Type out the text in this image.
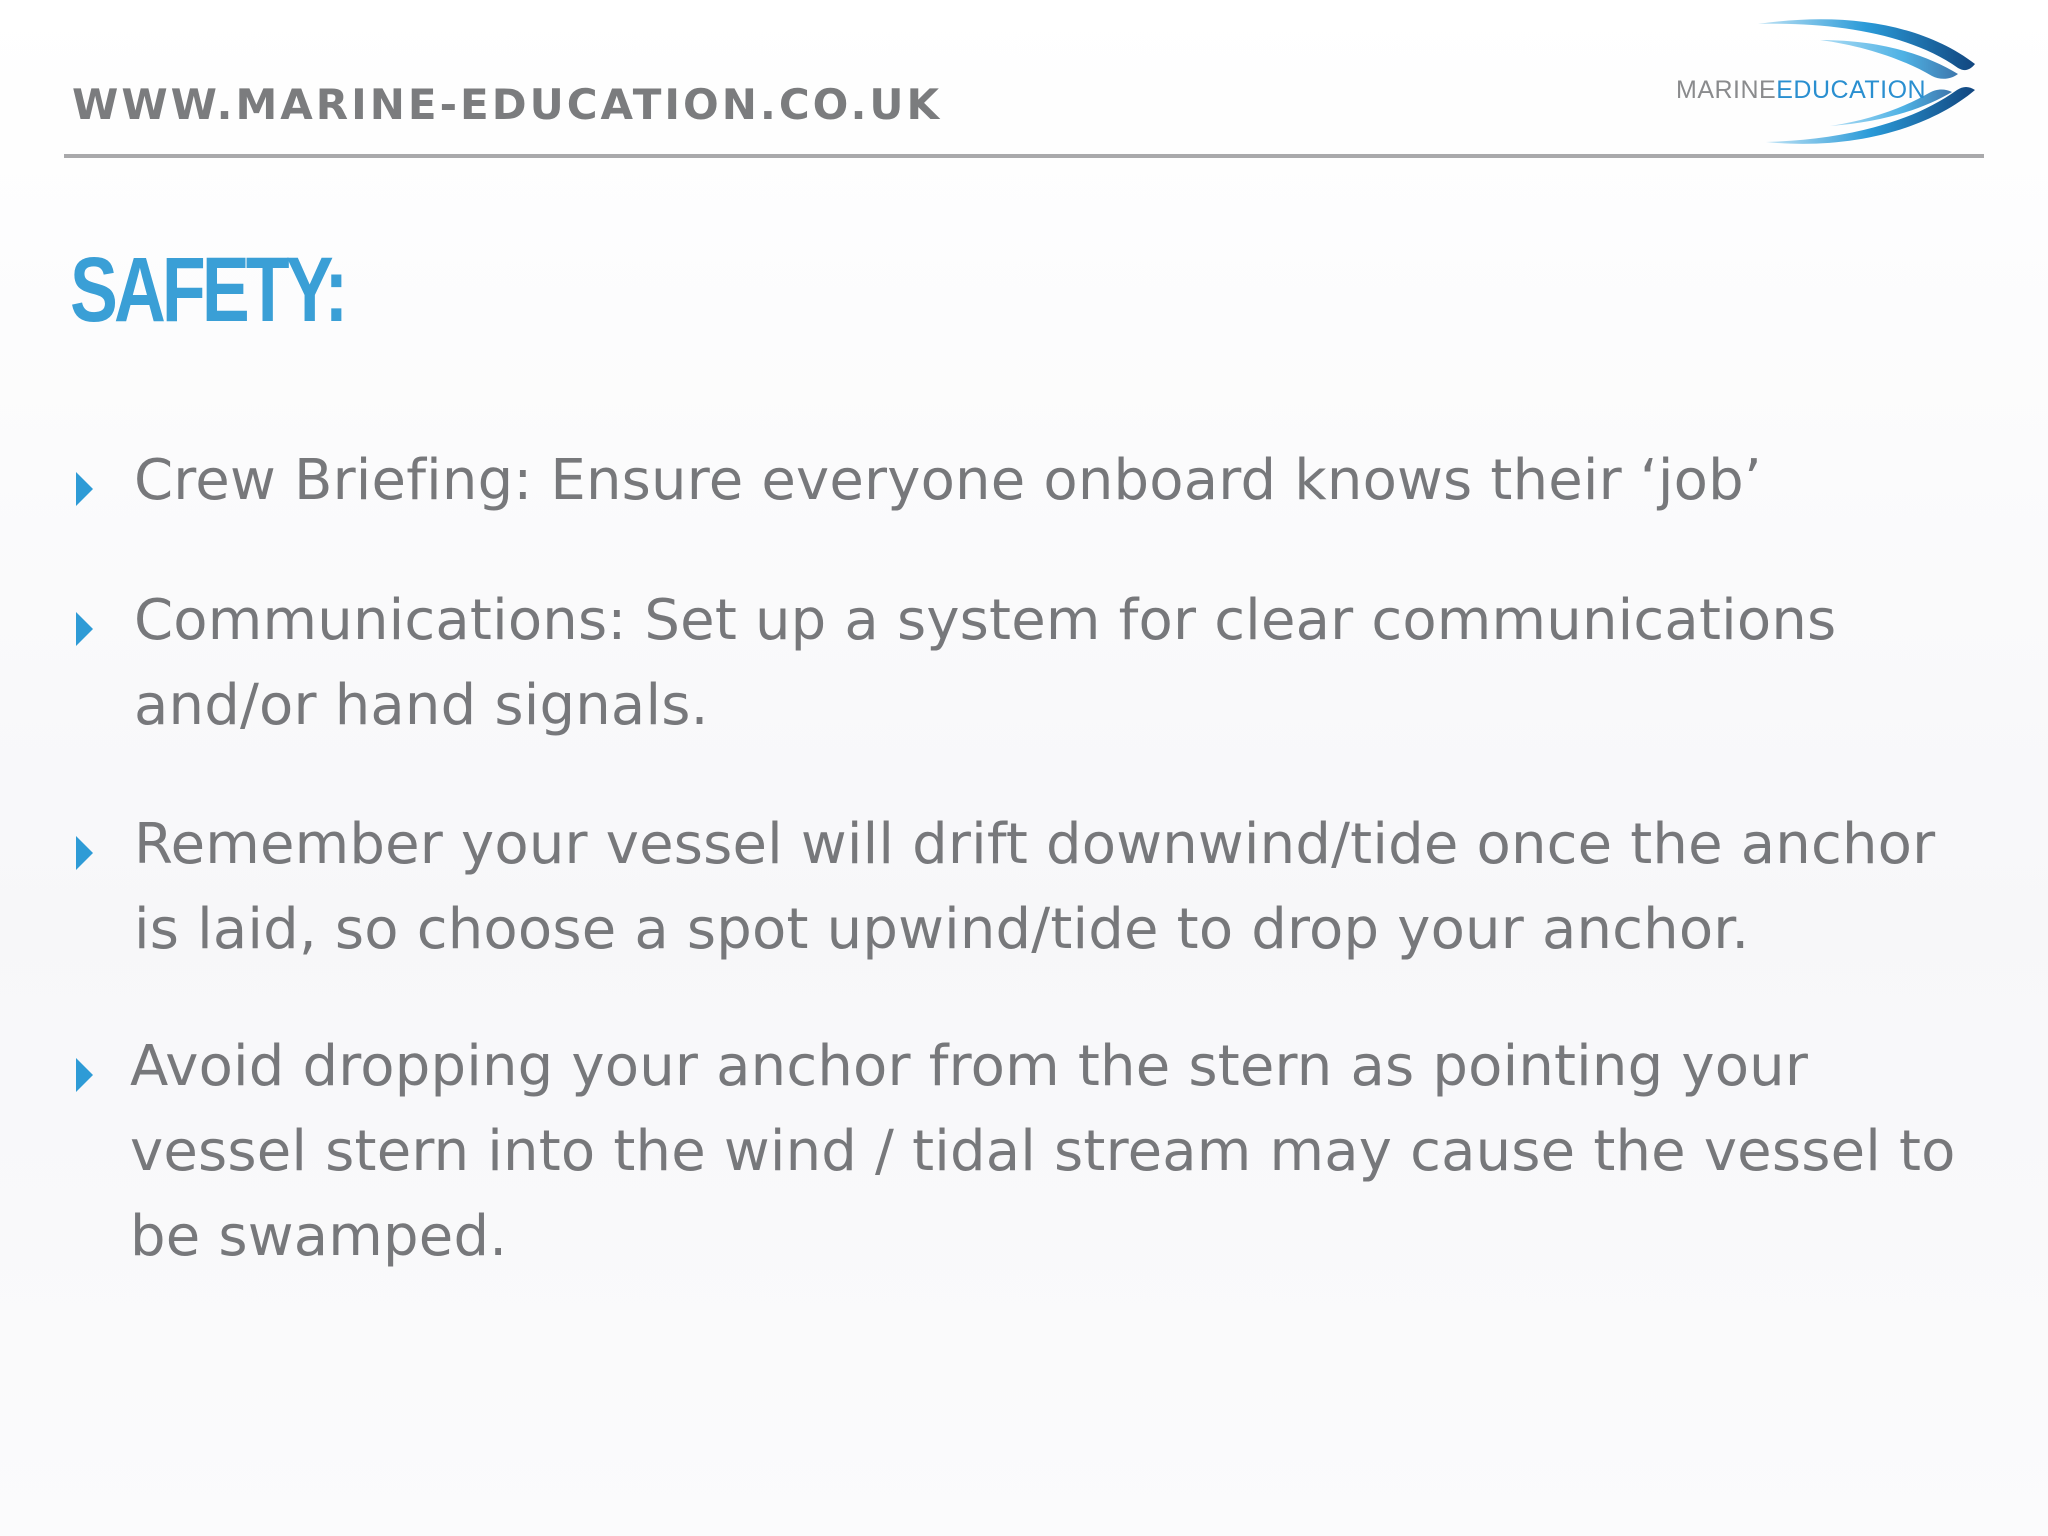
WWW.MARINE-EDUCATION.CO.UK	MARINEEDUCATION
SAFETY:
Crew Briefing: Ensure everyone onboard knows their ‘job’
Communications: Set up a system for clear communications
and/or hand signals.
Remember your vessel will drift downwind/tide once the anchor
is laid, so choose a spot upwind/tide to drop your anchor.
Avoid dropping your anchor from the stern as pointing your
vessel stern into the wind / tidal stream may cause the vessel to
be swamped.
